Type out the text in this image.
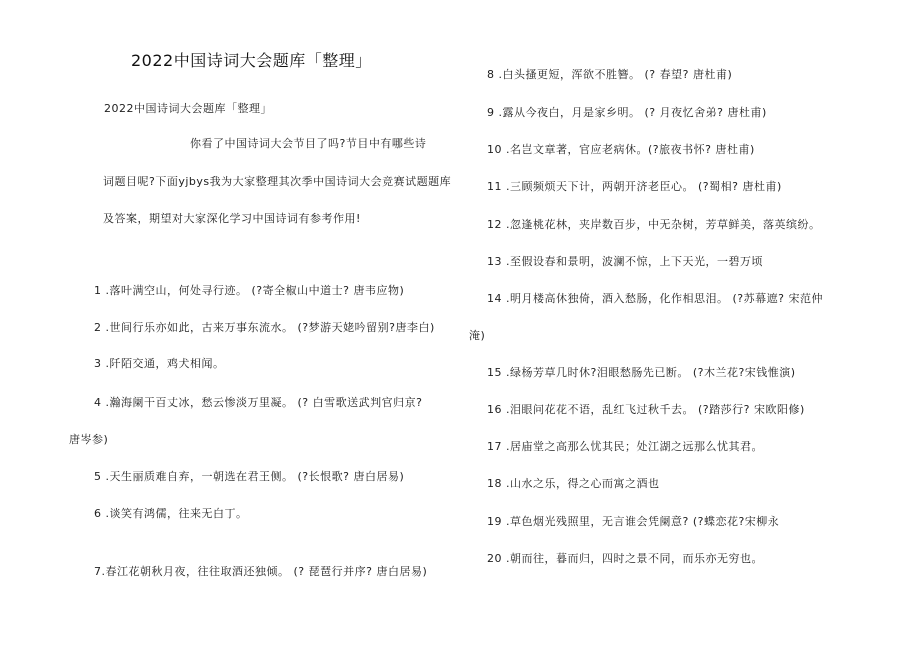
2022中国诗词大会题库「整理」
2022中国诗词大会题库「整理」
你看了中国诗词大会节目了吗?节目中有哪些诗
词题目呢?下面yjbys我为大家整理其次季中国诗词大会竞赛试题题库
及答案，期望对大家深化学习中国诗词有参考作用!
1 .落叶满空山，何处寻行迹。 (?寄全椒山中道士? 唐韦应物)
2 .世间行乐亦如此，古来万事东流水。 (?梦游天姥吟留别?唐李白)
3 .阡陌交通，鸡犬相闻。
4 .瀚海阑干百丈冰，愁云惨淡万里凝。 (? 白雪歌送武判官归京?
唐岑参)
5 .天生丽质难自弃，一朝选在君王侧。 (?长恨歌? 唐白居易)
6 .谈笑有鸿儒，往来无白丁。
7.春江花朝秋月夜，往往取酒还独倾。 (? 琵琶行并序? 唐白居易)
8 .白头搔更短，浑欲不胜簪。 (? 春望? 唐杜甫)
9 .露从今夜白，月是家乡明。 (? 月夜忆舍弟? 唐杜甫)
10 .名岂文章著，官应老病休。(?旅夜书怀? 唐杜甫)
11 .三顾频烦天下计，两朝开济老臣心。 (?蜀相? 唐杜甫)
12 .忽逢桃花林，夹岸数百步，中无杂树，芳草鲜美，落英缤纷。
13 .至假设春和景明，波澜不惊，上下天光，一碧万顷
14 .明月楼高休独倚，酒入愁肠，化作相思泪。 (?苏幕遮? 宋范仲
淹)
15 .绿杨芳草几时休?泪眼愁肠先已断。 (?木兰花?宋钱惟演)
16 .泪眼问花花不语，乱红飞过秋千去。 (?踏莎行? 宋欧阳修)
17 .居庙堂之高那么忧其民；处江湖之远那么忧其君。
18 .山水之乐，得之心而寓之酒也
19 .草色烟光残照里，无言谁会凭阑意? (?蝶恋花?宋柳永
20 .朝而往，暮而归，四时之景不同，而乐亦无穷也。
